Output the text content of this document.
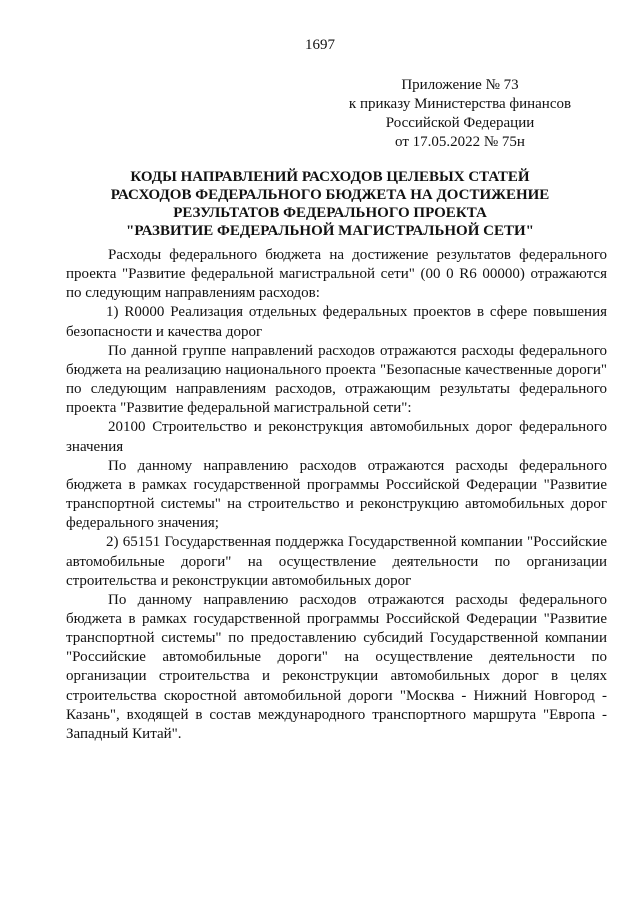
1697
Приложение № 73
к приказу Министерства финансов
Российской Федерации
от 17.05.2022 № 75н
КОДЫ НАПРАВЛЕНИЙ РАСХОДОВ ЦЕЛЕВЫХ СТАТЕЙ
РАСХОДОВ ФЕДЕРАЛЬНОГО БЮДЖЕТА НА ДОСТИЖЕНИЕ
РЕЗУЛЬТАТОВ ФЕДЕРАЛЬНОГО ПРОЕКТА
"РАЗВИТИЕ ФЕДЕРАЛЬНОЙ МАГИСТРАЛЬНОЙ СЕТИ"

Расходы федерального бюджета на достижение результатов федерального проекта "Развитие федеральной магистральной сети" (00 0 R6 00000) отражаются по следующим направлениям расходов:

1) R0000 Реализация отдельных федеральных проектов в сфере повышения безопасности и качества дорог

По данной группе направлений расходов отражаются расходы федерального бюджета на реализацию национального проекта "Безопасные качественные дороги" по следующим направлениям расходов, отражающим результаты федерального проекта "Развитие федеральной магистральной сети":

20100 Строительство и реконструкция автомобильных дорог федерального значения

По данному направлению расходов отражаются расходы федерального бюджета в рамках государственной программы Российской Федерации "Развитие транспортной системы" на строительство и реконструкцию автомобильных дорог федерального значения;

2) 65151 Государственная поддержка Государственной компании "Российские автомобильные дороги" на осуществление деятельности по организации строительства и реконструкции автомобильных дорог

По данному направлению расходов отражаются расходы федерального бюджета в рамках государственной программы Российской Федерации "Развитие транспортной системы" по предоставлению субсидий Государственной компании "Российские автомобильные дороги" на осуществление деятельности по организации строительства и реконструкции автомобильных дорог в целях строительства скоростной автомобильной дороги "Москва - Нижний Новгород - Казань", входящей в состав международного транспортного маршрута "Европа - Западный Китай".
